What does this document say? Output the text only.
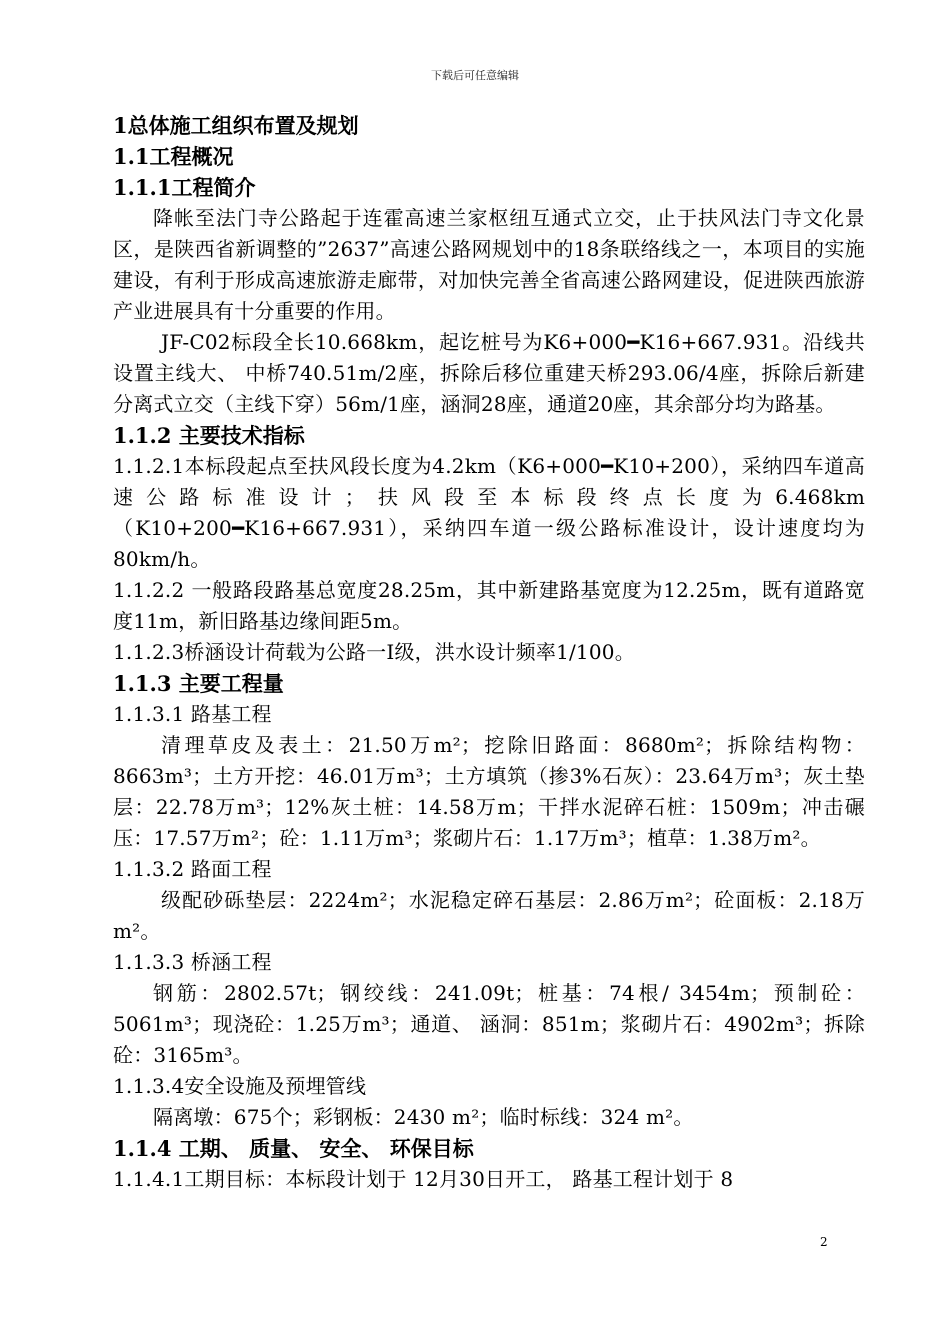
下载后可任意编辑
1总体施工组织布置及规划
1.1工程概况
1.1.1工程简介

降帐至法门寺公路起于连霍高速兰家枢纽互通式立交，止于扶风法门寺文化景区，是陕西省新调整的”2637”高速公路网规划中的18条联络线之一，本项目的实施建设，有利于形成高速旅游走廊带，对加快完善全省高速公路网建设，促进陕西旅游产业进展具有十分重要的作用。

JF-C02标段全长10.668km，起讫桩号为K6+000━K16+667.931。沿线共设置主线大、 中桥740.51m/2座，拆除后移位重建天桥293.06/4座，拆除后新建分离式立交（主线下穿）56m/1座，涵洞28座，通道20座，其余部分均为路基。

1.1.2 主要技术指标

1.1.2.1本标段起点至扶风段长度为4.2km（K6+000━K10+200），采纳四车道高速公路标准设计；扶风段至本标段终点长度为6.468km（K10+200━K16+667.931），采纳四车道一级公路标准设计，设计速度均为80km/h。

1.1.2.2 一般路段路基总宽度28.25m，其中新建路基宽度为12.25m，既有道路宽度11m，新旧路基边缘间距5m。

1.1.2.3桥涵设计荷载为公路一I级，洪水设计频率1/100。

1.1.3 主要工程量
1.1.3.1 路基工程

清理草皮及表土：21.50万m²；挖除旧路面：8680m²；拆除结构物：8663m³；土方开挖：46.01万m³；土方填筑（掺3%石灰）：23.64万m³；灰土垫层：22.78万m³；12%灰土桩：14.58万m；干拌水泥碎石桩：1509m；冲击碾压：17.57万m²；砼：1.11万m³；浆砌片石：1.17万m³；植草：1.38万m²。

1.1.3.2 路面工程

级配砂砾垫层：2224m²；水泥稳定碎石基层：2.86万m²；砼面板：2.18万m²。

1.1.3.3 桥涵工程

钢筋：2802.57t；钢绞线：241.09t；桩基：74根/ 3454m；预制砼：5061m³；现浇砼：1.25万m³；通道、 涵洞：851m；浆砌片石：4902m³；拆除砼：3165m³。

1.1.3.4安全设施及预埋管线

隔离墩：675个；彩钢板：2430 m²；临时标线：324 m²。

1.1.4 工期、 质量、 安全、 环保目标

1.1.4.1工期目标：本标段计划于 12月30日开工， 路基工程计划于 8

2
